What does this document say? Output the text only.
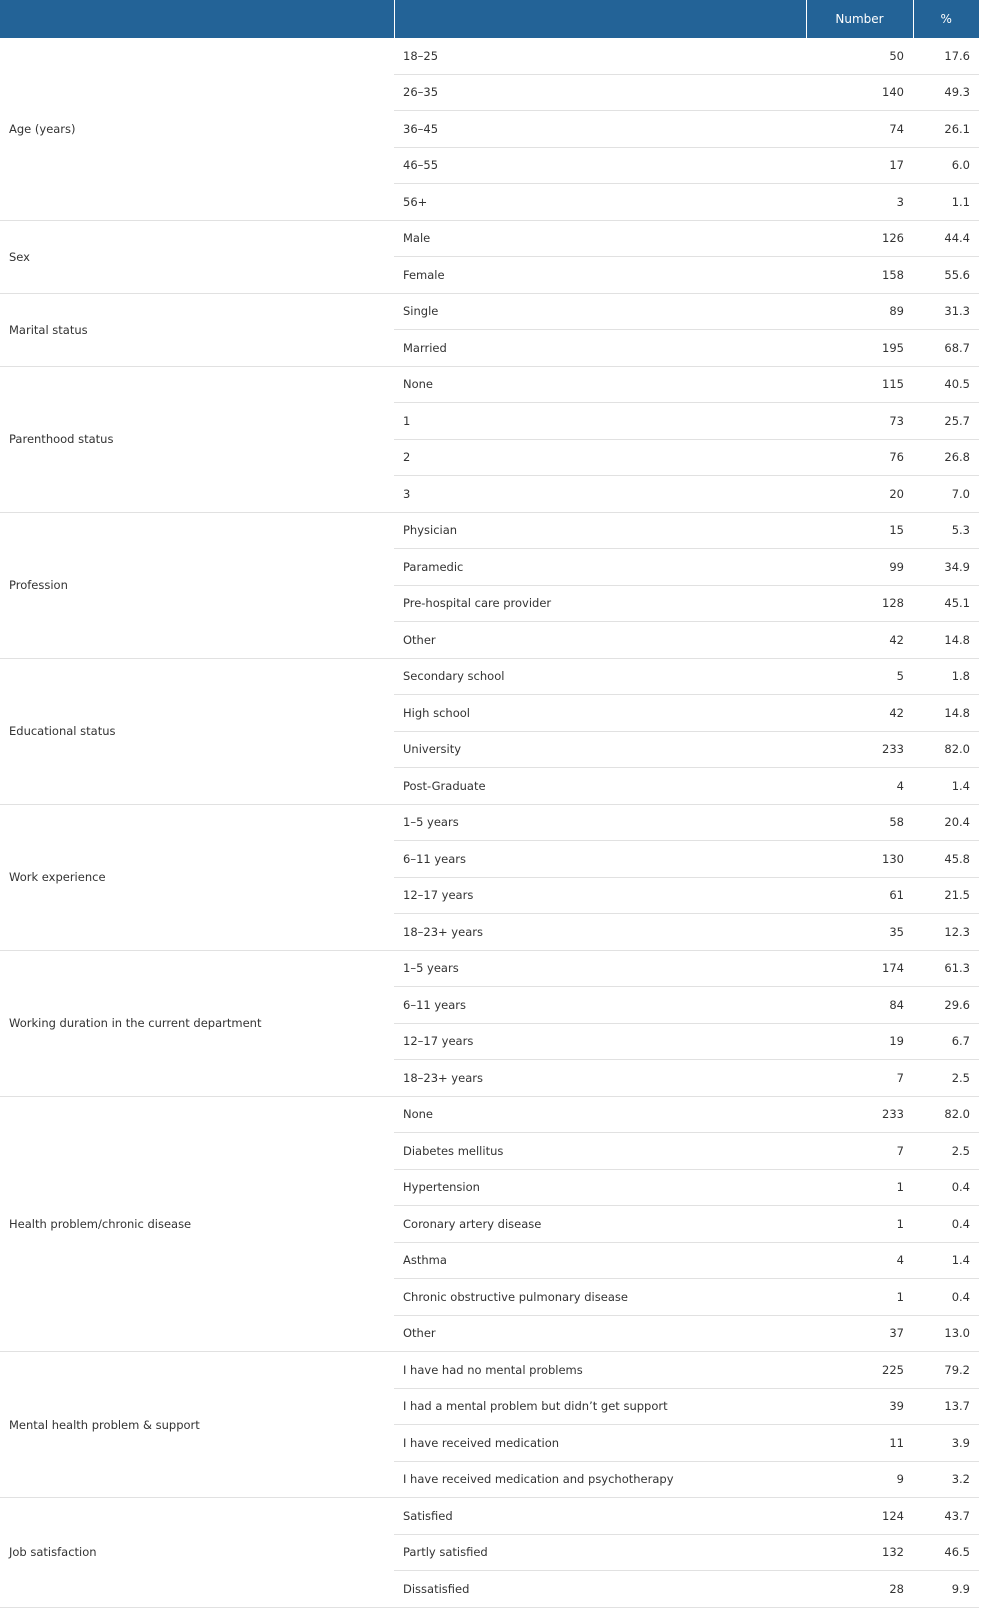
		Number	%
Age (years)	18–25	50	17.6
	26–35	140	49.3
	36–45	74	26.1
	46–55	17	6.0
	56+	3	1.1
Sex	Male	126	44.4
	Female	158	55.6
Marital status	Single	89	31.3
	Married	195	68.7
Parenthood status	None	115	40.5
	1	73	25.7
	2	76	26.8
	3	20	7.0
Profession	Physician	15	5.3
	Paramedic	99	34.9
	Pre-hospital care provider	128	45.1
	Other	42	14.8
Educational status	Secondary school	5	1.8
	High school	42	14.8
	University	233	82.0
	Post-Graduate	4	1.4
Work experience	1–5 years	58	20.4
	6–11 years	130	45.8
	12–17 years	61	21.5
	18–23+ years	35	12.3
Working duration in the current department	1–5 years	174	61.3
	6–11 years	84	29.6
	12–17 years	19	6.7
	18–23+ years	7	2.5
Health problem/chronic disease	None	233	82.0
	Diabetes mellitus	7	2.5
	Hypertension	1	0.4
	Coronary artery disease	1	0.4
	Asthma	4	1.4
	Chronic obstructive pulmonary disease	1	0.4
	Other	37	13.0
Mental health problem & support	I have had no mental problems	225	79.2
	I had a mental problem but didn’t get support	39	13.7
	I have received medication	11	3.9
	I have received medication and psychotherapy	9	3.2
Job satisfaction	Satisfied	124	43.7
	Partly satisfied	132	46.5
	Dissatisfied	28	9.9
